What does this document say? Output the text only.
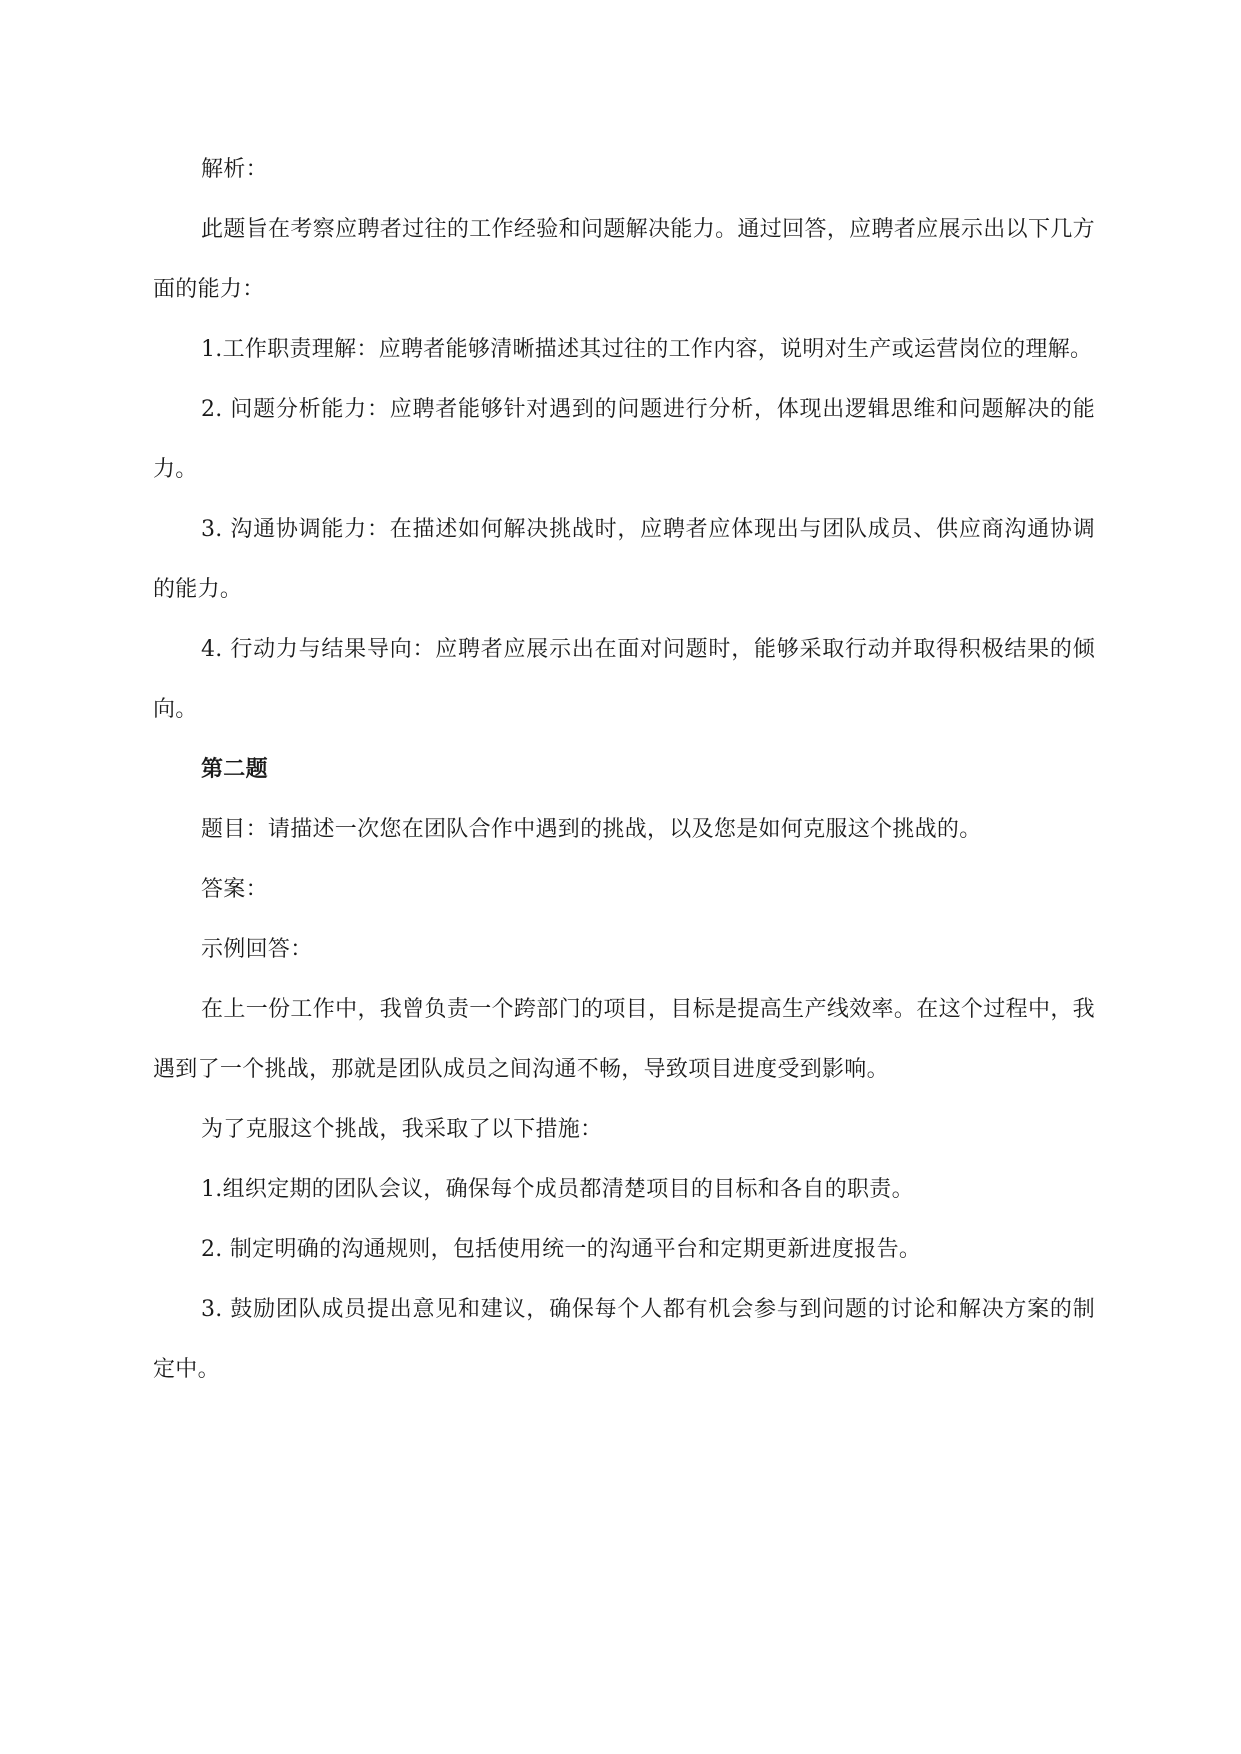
解析：

此题旨在考察应聘者过往的工作经验和问题解决能力。通过回答，应聘者应展示出以下几方面的能力：

1.工作职责理解：应聘者能够清晰描述其过往的工作内容，说明对生产或运营岗位的理解。

2. 问题分析能力：应聘者能够针对遇到的问题进行分析，体现出逻辑思维和问题解决的能力。

3. 沟通协调能力：在描述如何解决挑战时，应聘者应体现出与团队成员、供应商沟通协调的能力。

4. 行动力与结果导向：应聘者应展示出在面对问题时，能够采取行动并取得积极结果的倾向。

第二题

题目：请描述一次您在团队合作中遇到的挑战，以及您是如何克服这个挑战的。

答案：

示例回答：

在上一份工作中，我曾负责一个跨部门的项目，目标是提高生产线效率。在这个过程中，我遇到了一个挑战，那就是团队成员之间沟通不畅，导致项目进度受到影响。

为了克服这个挑战，我采取了以下措施：

1.组织定期的团队会议，确保每个成员都清楚项目的目标和各自的职责。

2. 制定明确的沟通规则，包括使用统一的沟通平台和定期更新进度报告。

3. 鼓励团队成员提出意见和建议，确保每个人都有机会参与到问题的讨论和解决方案的制定中。
